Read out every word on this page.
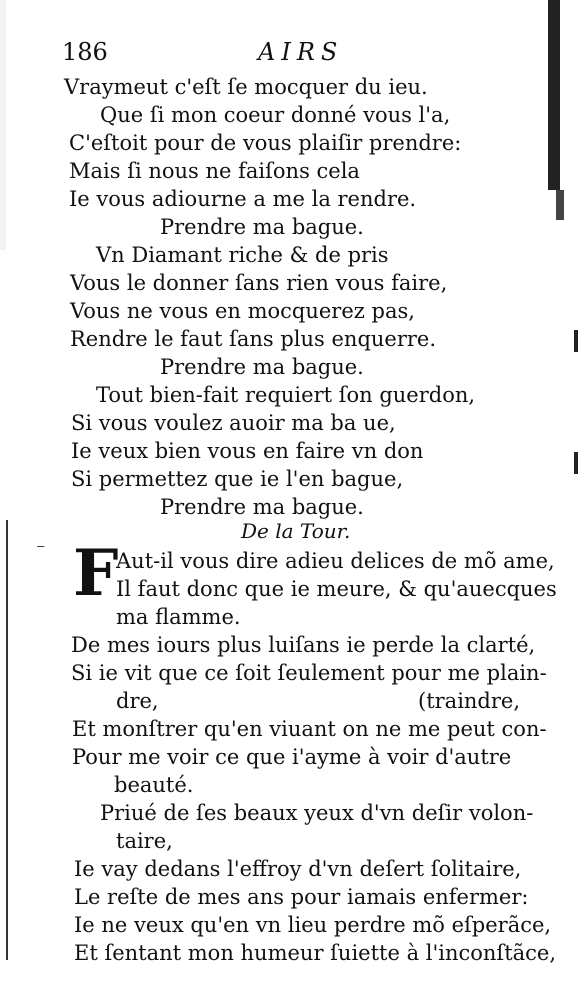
186	AIRS
Vraymeut c'eſt ſe mocquer du ieu.
Que ſi mon coeur donné vous l'a,
C'eſtoit pour de vous plaiſir prendre:
Mais ſi nous ne faiſons cela
Ie vous adiourne a me la rendre.
Prendre ma bague.
Vn Diamant riche & de pris
Vous le donner ſans rien vous faire,
Vous ne vous en mocquerez pas,
Rendre le faut ſans plus enquerre.
Prendre ma bague.
Tout bien-fait requiert ſon guerdon,
Si vous voulez auoir ma ba ue,
Ie veux bien vous en faire vn don
Si permettez que ie l'en bague,
Prendre ma bague.
De la Tour.
F
Aut-il vous dire adieu delices de mõ ame,
Il faut donc que ie meure, & qu'auecques
ma flamme.
De mes iours plus luiſans ie perde la clarté,
Si ie vit que ce ſoit ſeulement pour me plain-
dre,	(traindre,
Et monſtrer qu'en viuant on ne me peut con-
Pour me voir ce que i'ayme à voir d'autre
beauté.
Priué de ſes beaux yeux d'vn deſir volon-
taire,
Ie vay dedans l'effroy d'vn deſert ſolitaire,
Le reſte de mes ans pour iamais enfermer:
Ie ne veux qu'en vn lieu perdre mõ eſperãce,
Et ſentant mon humeur ſuiette à l'inconſtãce,
⁻
